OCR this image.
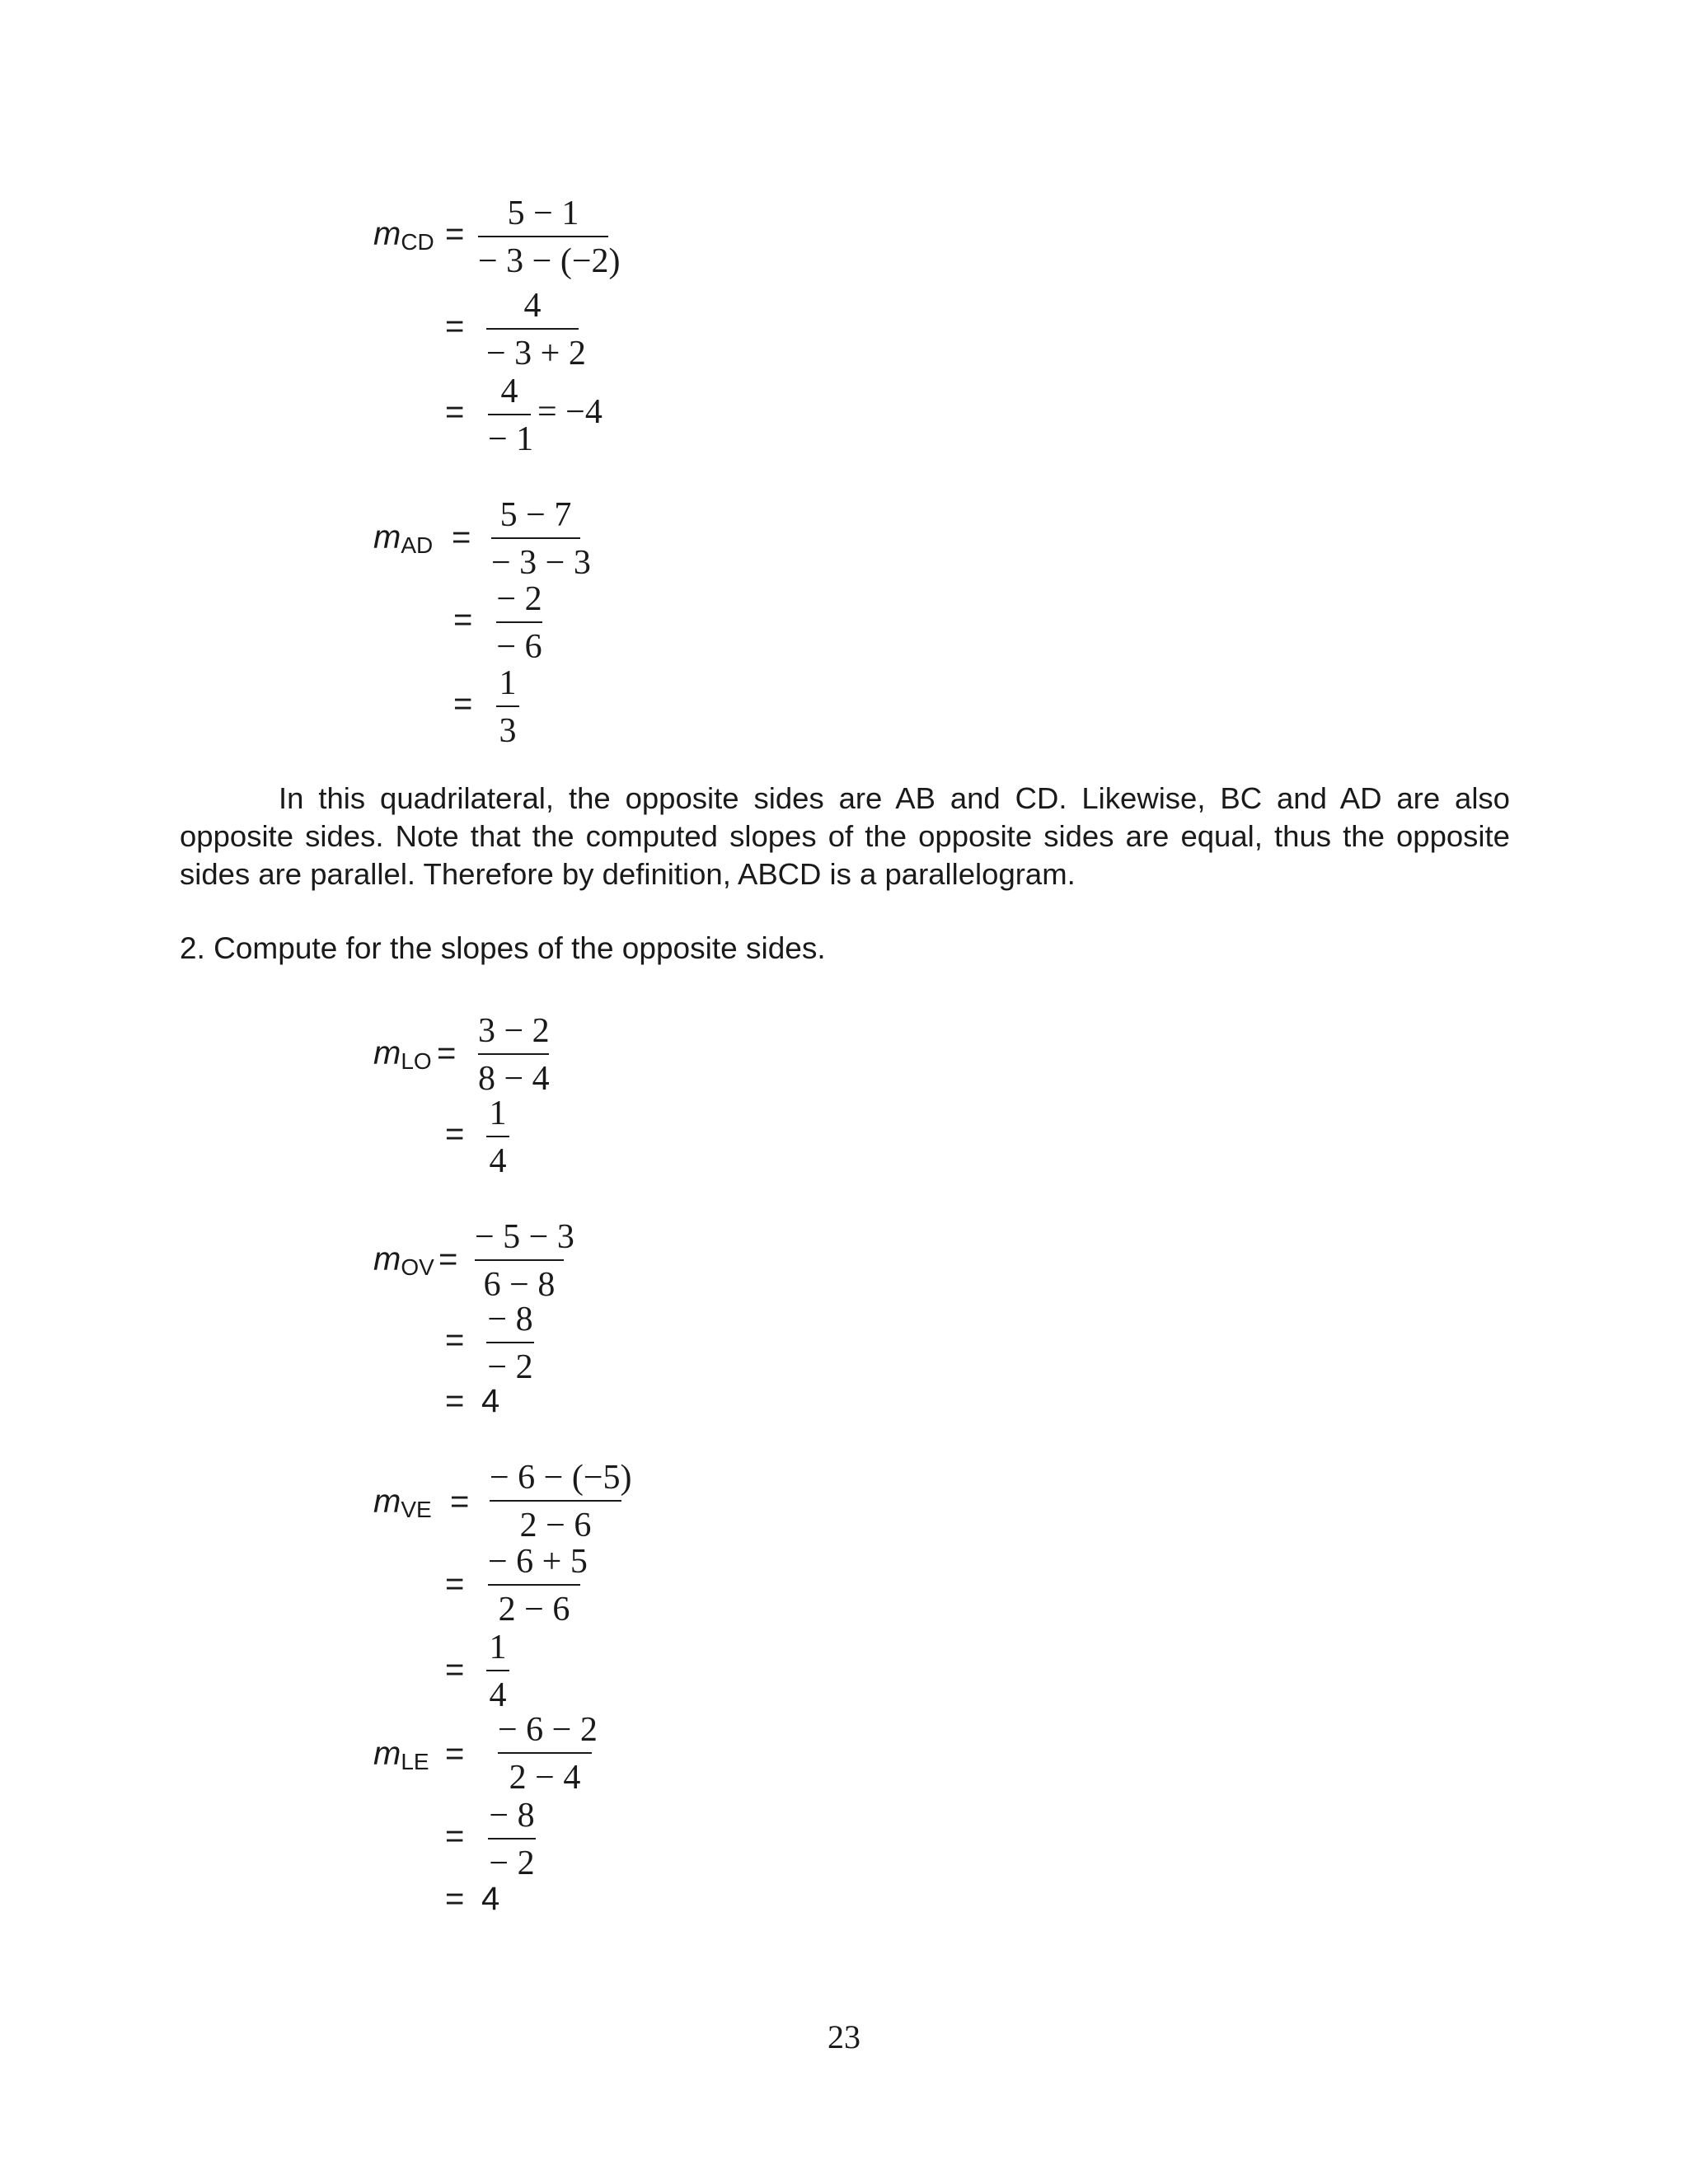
mCD =
5 − 1
− 3 − (−2)
=
4
− 3 + 2
=
4
− 1
= −4
mAD =
5 − 7
− 3 − 3
=
− 2
− 6
=
1
3

In this quadrilateral, the opposite sides are AB and CD. Likewise, BC and AD are also opposite sides. Note that the computed slopes of the opposite sides are equal, thus the opposite sides are parallel. Therefore by definition, ABCD is a parallelogram.

2. Compute for the slopes of the opposite sides.
mLO =
3 − 2
8 − 4
=
1
4
mOV =
− 5 − 3
6 − 8
=
− 8
− 2
= 4
mVE =
− 6 − (−5)
2 − 6
=
− 6 + 5
2 − 6
=
1
4
mLE =
− 6 − 2
2 − 4
=
− 8
− 2
= 4
23
